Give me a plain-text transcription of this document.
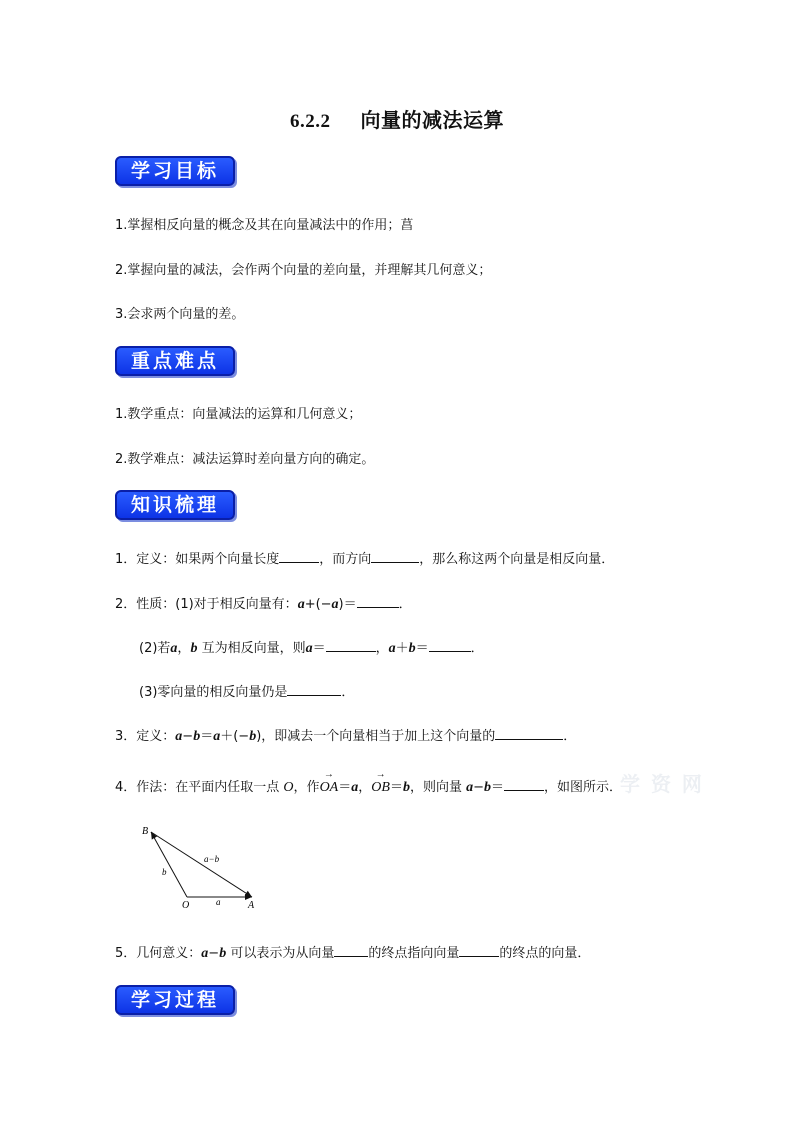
6.2.2 向量的减法运算
学习目标
1.掌握相反向量的概念及其在向量减法中的作用；菖
2.掌握向量的减法，会作两个向量的差向量，并理解其几何意义；
3.会求两个向量的差。
重点难点
1.教学重点：向量减法的运算和几何意义；
2.教学难点：减法运算时差向量方向的确定。
知识梳理
1．定义：如果两个向量长度	，而方向	，那么称这两个向量是相反向量．
2．性质：(1)对于相反向量有：a+(−a)＝	．
(2)若a，b 互为相反向量，则a＝	，a＋b＝	．
(3)零向量的相反向量仍是	．
3．定义：a−b＝a＋(−b)，即减去一个向量相当于加上这个向量的	．
学 资 网
4．作法：在平面内任取一点 O，作→ OA＝a，→ OB＝b，则向量 a−b＝	，如图所示．
B
O	A
a
b
a−b
5．几何意义：a−b 可以表示为从向量	的终点指向向量	的终点的向量．
学习过程
